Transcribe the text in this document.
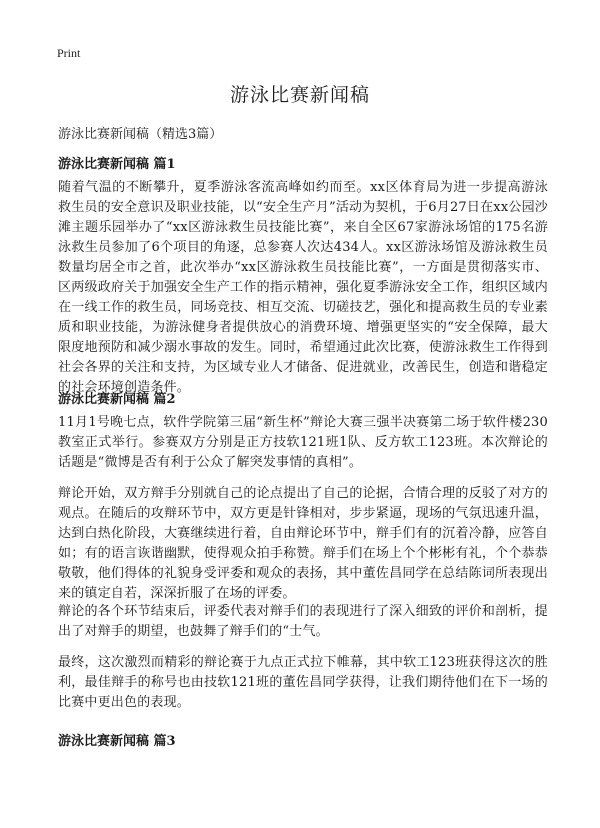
Print
游泳比赛新闻稿

游泳比赛新闻稿（精选3篇）

游泳比赛新闻稿 篇1

随着气温的不断攀升，夏季游泳客流高峰如约而至。xx区体育局为进一步提高游泳救生员的安全意识及职业技能，以“安全生产月”活动为契机，于6月27日在xx公园沙滩主题乐园举办了“xx区游泳救生员技能比赛”，来自全区67家游泳场馆的175名游泳救生员参加了6个项目的角逐，总参赛人次达434人。xx区游泳场馆及游泳救生员数量均居全市之首，此次举办“xx区游泳救生员技能比赛”，一方面是贯彻落实市、区两级政府关于加强安全生产工作的指示精神，强化夏季游泳安全工作，组织区域内在一线工作的救生员，同场竞技、相互交流、切磋技艺，强化和提高救生员的专业素质和职业技能，为游泳健身者提供放心的消费环境、增强更坚实的“安全保障，最大限度地预防和减少溺水事故的发生。同时，希望通过此次比赛，使游泳救生工作得到社会各界的关注和支持，为区域专业人才储备、促进就业，改善民生，创造和谐稳定的社会环境创造条件。

游泳比赛新闻稿 篇2

11月1号晚七点，软件学院第三届“新生杯”辩论大赛三强半决赛第二场于软件楼230教室正式举行。参赛双方分别是正方技软121班1队、反方软工123班。本次辩论的话题是“微博是否有利于公众了解突发事情的真相”。

辩论开始，双方辩手分别就自己的论点提出了自己的论据，合情合理的反驳了对方的观点。在随后的攻辩环节中，双方更是针锋相对，步步紧逼，现场的气氛迅速升温，达到白热化阶段，大赛继续进行着，自由辩论环节中，辩手们有的沉着冷静，应答自如；有的语言诙谐幽默，使得观众拍手称赞。辩手们在场上个个彬彬有礼，个个恭恭敬敬，他们得体的礼貌身受评委和观众的表扬，其中董佐昌同学在总结陈词所表现出来的镇定自若，深深折服了在场的评委。

辩论的各个环节结束后，评委代表对辩手们的表现进行了深入细致的评价和剖析，提出了对辩手的期望，也鼓舞了辩手们的“士气。

最终，这次激烈而精彩的辩论赛于九点正式拉下帷幕，其中软工123班获得这次的胜利，最佳辩手的称号也由技软121班的董佐昌同学获得，让我们期待他们在下一场的比赛中更出色的表现。

游泳比赛新闻稿 篇3
